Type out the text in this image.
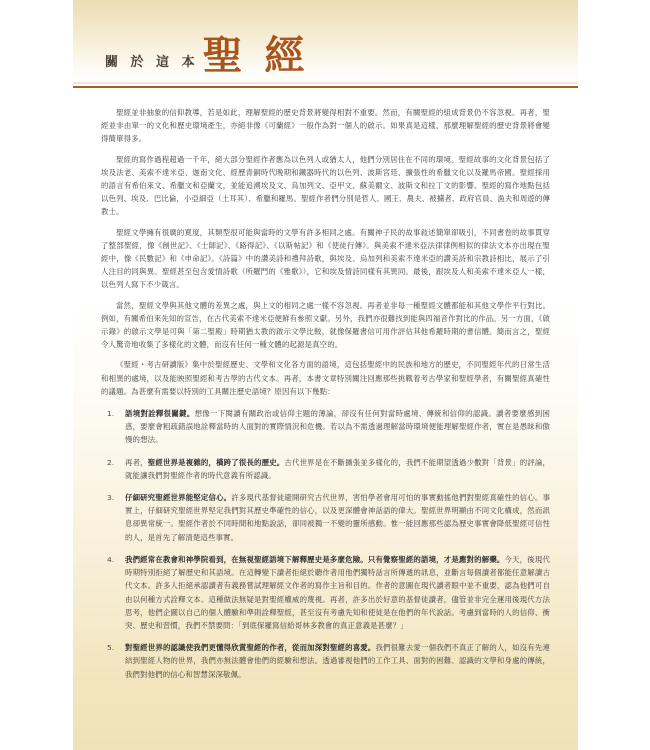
關 於 這 本 聖 經

聖經並非抽象的信仰教導，若是如此，理解聖經的歷史背景將變得相對不重要。然而，有關聖經的組成背景仍不容忽視。再者，聖經並非由單一的文化和歷史環境產生，亦絕非像《可蘭經》一般作為對一個人的啟示。如果真是這樣，那麼理解聖經的歷史背景將會變得簡單得多。

聖經的寫作過程超過一千年，絕大部分聖經作者應為以色列人或猶太人，他們分別居住在不同的環境。聖經故事的文化背景包括了埃及法老、美索不達米亞、迦南文化、經歷青銅時代晚期和鐵器時代的以色列、波斯宮廷、擴張性的希臘文化以及羅馬帝國。聖經採用的語言有希伯來文、希臘文和亞蘭文，並能追溯埃及文、烏加列文、亞甲文、蘇美爾文、波斯文和拉丁文的影響。聖經的寫作地點包括以色列、埃及、巴比倫，小亞細亞（土耳其）、希臘和羅馬。聖經作者們分別是哲人、國王、農夫、被擄者、政府官員、漁夫和周遊的傳教士。

聖經文學擁有很廣的寬度，其類型很可能與當時的文學有許多相同之處。有關神子民的故事敍述簡單卻吸引，不同書卷的故事貫穿了整部聖經，像《創世記》、《士師記》、《路得記》、《以斯帖記》和《使徒行傳》。與美索不達米亞法律律例相似的律法文本亦出現在聖經中，像《民數記》和《申命記》。《詩篇》中的讚美詩和禮拜詩歌，與埃及、烏加列和美索不達米亞的讚美詩和宗教詩相比，展示了引人注目的同與異。聖經甚至包含愛情詩歌（所羅門的《雅歌》），它和埃及情詩同樣有其異同。最後，跟埃及人和美索不達米亞人一樣，以色列人寫下不少箴言。

當然，聖經文學與其他文體的差異之處，與上文的相同之處一樣不容忽視。再者並非每一種聖經文體都能和其他文學作平行對比。例如，有關希伯來先知的宣告，在古代美索不達米亞便鮮有參照文獻。另外，我們亦很難找到能與四福音作對比的作品。另一方面，《啟示錄》的啟示文學是可與「第二聖殿」時期猶太教的啟示文學比較，就像保羅書信可用作評估其他希羅時期的書信體。簡而言之，聖經令人驚奇地收集了多樣化的文體，而沒有任何一種文體的起源是真空的。

《聖經・考古研讀版》集中於聖經歷史、文學和文化各方面的語境，這包括聖經中的民族和地方的歷史，不同聖經年代的日常生活和相異的處境，以及能映照聖經和考古學的古代文本。再者，本書文章特別關注回應那些挑戰着考古學家和聖經學者，有關聖經真確性的議題。為甚麼有需要以特別的工具關注歷史語境？原因有以下幾點：

語境對詮釋很關鍵。想像一下閱讀有關政治或信仰主題的薄論，卻沒有任何對當時處境、傳統和信仰的認識。讀者要麼感到困惑，要麼會粗疏錯誤地詮釋當時的人面對的實際情況和危機。若以為不需透過理解當時環境便能理解聖經作者，實在是愚昧和傲慢的想法。
再者，聖經世界是複雜的，橫跨了很長的歷史。古代世界是在不斷擴張並多樣化的，我們不能期望透過少數對「背景」的評論，就能讓我們對聖經作者的時代意義有所認識。
仔細研究聖經世界能堅定信心。許多現代基督徒避開研究古代世界，害怕學者會用可怕的事實動搖他們對聖經真確性的信心。事實上，仔細研究聖經世界堅定我們對其歷史準確性的信心，以及更深體會神話語的偉大。聖經世界明顯由不同文化構成，然而訊息卻異常統一。聖經作者於不同時間和地點說話，卻同被獨一不變的靈所感動。惟一能回應那些認為歷史事實會降低聖經可信性的人，是首先了解清楚這些事實。
我們經常在教會和神學院看到，在無視聖經語境下解釋歷史是多麼危險。只有覺察聖經的語境，才是應對的解藥。今天，後現代時期特別拒絕了解歷史和其語境。在這轉變下讀者拒絕於聽作者用他們獨特話言所傳遞的訊息，並斷言每個讀者都能任意解讀古代文本。許多人拒絕承認讀者有義務嘗試理解經文作者的寫作主旨和目的。作者的意圖在現代讀者眼中並不重要，認為他們可自由以何種方式詮釋文本。這種做法無疑是對聖經權威的蔑視。再者，許多出於好意的基督徒讀者，儘管並非完全運用後現代方法思考，他們企圖以自己的個人體驗和準則詮釋聖經，甚至沒有考慮先知和使徒是在他們的年代說話。考慮到當時的人的信仰、衝突、歷史和習慣，我們不禁要問：「到底保羅寫信給哥林多教會的真正意義是甚麼？」
對聖經世界的認識使我們更懂得欣賞聖經的作者，從而加深對聖經的喜愛。我們很難去愛一個我們不真正了解的人，如沒有先連結到聖經人物的世界，我們亦無法體會他們的經驗和想法。透過審視他們的工作工具、面對的困難、認識的文學和身處的傳統，我們對他們的信心和智慧深深敬佩。
